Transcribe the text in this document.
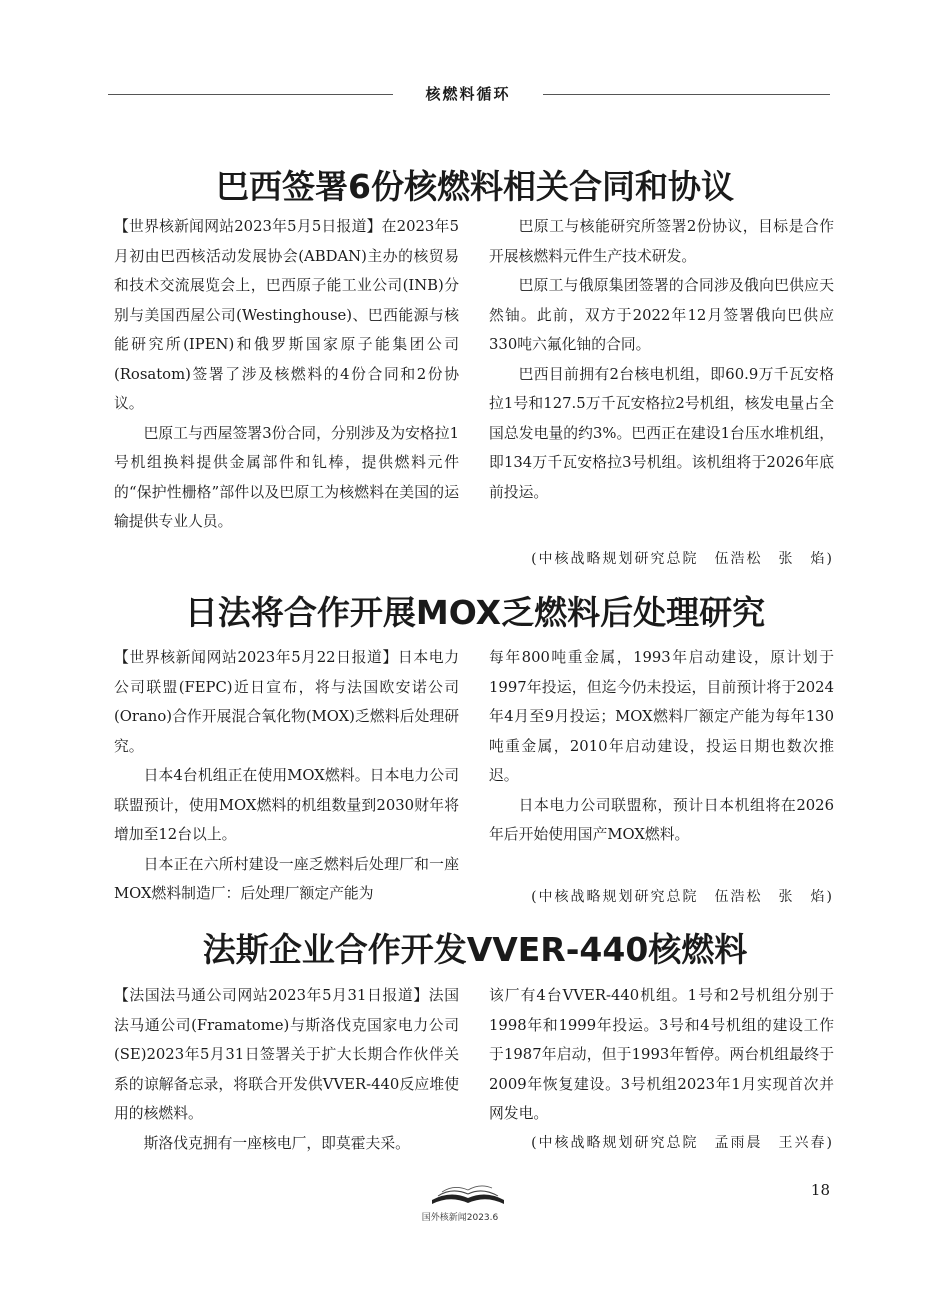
核燃料循环
巴西签署6份核燃料相关合同和协议

【世界核新闻网站2023年5月5日报道】在2023年5月初由巴西核活动发展协会(ABDAN)主办的核贸易和技术交流展览会上，巴西原子能工业公司(INB)分别与美国西屋公司(Westinghouse)、巴西能源与核能研究所(IPEN)和俄罗斯国家原子能集团公司(Rosatom)签署了涉及核燃料的4份合同和2份协议。

巴原工与西屋签署3份合同，分别涉及为安格拉1号机组换料提供金属部件和钆棒，提供燃料元件的“保护性栅格”部件以及巴原工为核燃料在美国的运输提供专业人员。

巴原工与核能研究所签署2份协议，目标是合作开展核燃料元件生产技术研发。

巴原工与俄原集团签署的合同涉及俄向巴供应天然铀。此前，双方于2022年12月签署俄向巴供应330吨六氟化铀的合同。

巴西目前拥有2台核电机组，即60.9万千瓦安格拉1号和127.5万千瓦安格拉2号机组，核发电量占全国总发电量的约3%。巴西正在建设1台压水堆机组，即134万千瓦安格拉3号机组。该机组将于2026年底前投运。

(中核战略规划研究总院　伍浩松　张　焰)
日法将合作开展MOX乏燃料后处理研究

【世界核新闻网站2023年5月22日报道】日本电力公司联盟(FEPC)近日宣布，将与法国欧安诺公司(Orano)合作开展混合氧化物(MOX)乏燃料后处理研究。

日本4台机组正在使用MOX燃料。日本电力公司联盟预计，使用MOX燃料的机组数量到2030财年将增加至12台以上。

日本正在六所村建设一座乏燃料后处理厂和一座MOX燃料制造厂：后处理厂额定产能为

每年800吨重金属，1993年启动建设，原计划于1997年投运，但迄今仍未投运，目前预计将于2024年4月至9月投运；MOX燃料厂额定产能为每年130吨重金属，2010年启动建设，投运日期也数次推迟。

日本电力公司联盟称，预计日本机组将在2026年后开始使用国产MOX燃料。

(中核战略规划研究总院　伍浩松　张　焰)
法斯企业合作开发VVER-440核燃料

【法国法马通公司网站2023年5月31日报道】法国法马通公司(Framatome)与斯洛伐克国家电力公司(SE)2023年5月31日签署关于扩大长期合作伙伴关系的谅解备忘录，将联合开发供VVER-440反应堆使用的核燃料。

斯洛伐克拥有一座核电厂，即莫霍夫采。

该厂有4台VVER-440机组。1号和2号机组分别于1998年和1999年投运。3号和4号机组的建设工作于1987年启动，但于1993年暂停。两台机组最终于2009年恢复建设。3号机组2023年1月实现首次并网发电。

(中核战略规划研究总院　孟雨晨　王兴春)
国外核新闻2023.6
18
